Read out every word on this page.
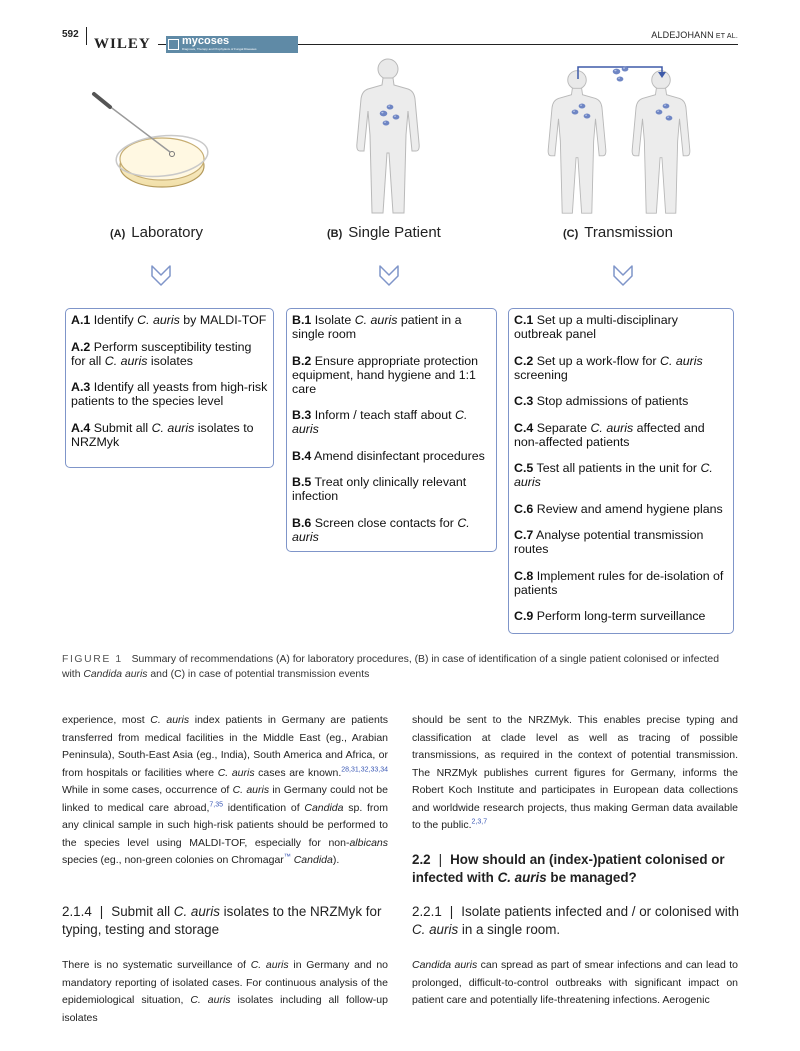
592
WILEY	mycoses
Diagnosis, Therapy and Prophylaxis of Fungal Diseases
ALDEJOHANN ET AL.
(A) Laboratory	(B) Single Patient	(C) Transmission

A.1 Identify C. auris by MALDI-TOF

A.2 Perform susceptibility testing for all C. auris isolates

A.3 Identify all yeasts from high-risk patients to the species level

A.4 Submit all C. auris isolates to NRZMyk

B.1 Isolate C. auris patient in a single room

B.2 Ensure appropriate protection equipment, hand hygiene and 1:1 care

B.3 Inform / teach staff about C. auris

B.4 Amend disinfectant procedures

B.5 Treat only clinically relevant infection

B.6 Screen close contacts for C. auris

C.1 Set up a multi-disciplinary outbreak panel

C.2 Set up a work-flow for C. auris screening

C.3 Stop admissions of patients

C.4 Separate C. auris affected and non-affected patients

C.5 Test all patients in the unit for C. auris

C.6 Review and amend hygiene plans

C.7 Analyse potential transmission routes

C.8 Implement rules for de-isolation of patients

C.9 Perform long-term surveillance

FIGURE 1 Summary of recommendations (A) for laboratory procedures, (B) in case of identification of a single patient colonised or infected with Candida auris and (C) in case of potential transmission events
experience, most C. auris index patients in Germany are patients transferred from medical facilities in the Middle East (eg., Arabian Peninsula), South-East Asia (eg., India), South America and Africa, or from hospitals or facilities where C. auris cases are known.$^{28,31,32,33,34}$ While in some cases, occurrence of C. auris in Germany could not be linked to medical care abroad,$^{7,35}$ identification of Candida sp. from any clinical sample in such high-risk patients should be performed to the species level using MALDI-TOF, especially for non-albicans species (eg., non-green colonies on Chromagar™ Candida).
2.1.4 | Submit all C. auris isolates to the NRZMyk for typing, testing and storage
There is no systematic surveillance of C. auris in Germany and no mandatory reporting of isolated cases. For continuous analysis of the epidemiological situation, C. auris isolates including all follow-up isolates
should be sent to the NRZMyk. This enables precise typing and classification at clade level as well as tracing of possible transmissions, as required in the context of potential transmission. The NRZMyk publishes current figures for Germany, informs the Robert Koch Institute and participates in European data collections and worldwide research projects, thus making German data available to the public.$^{2,3,7}$
2.2 | How should an (index-)patient colonised or infected with C. auris be managed?
2.2.1 | Isolate patients infected and / or colonised with C. auris in a single room.
Candida auris can spread as part of smear infections and can lead to prolonged, difficult-to-control outbreaks with significant impact on patient care and potentially life-threatening infections. Aerogenic
